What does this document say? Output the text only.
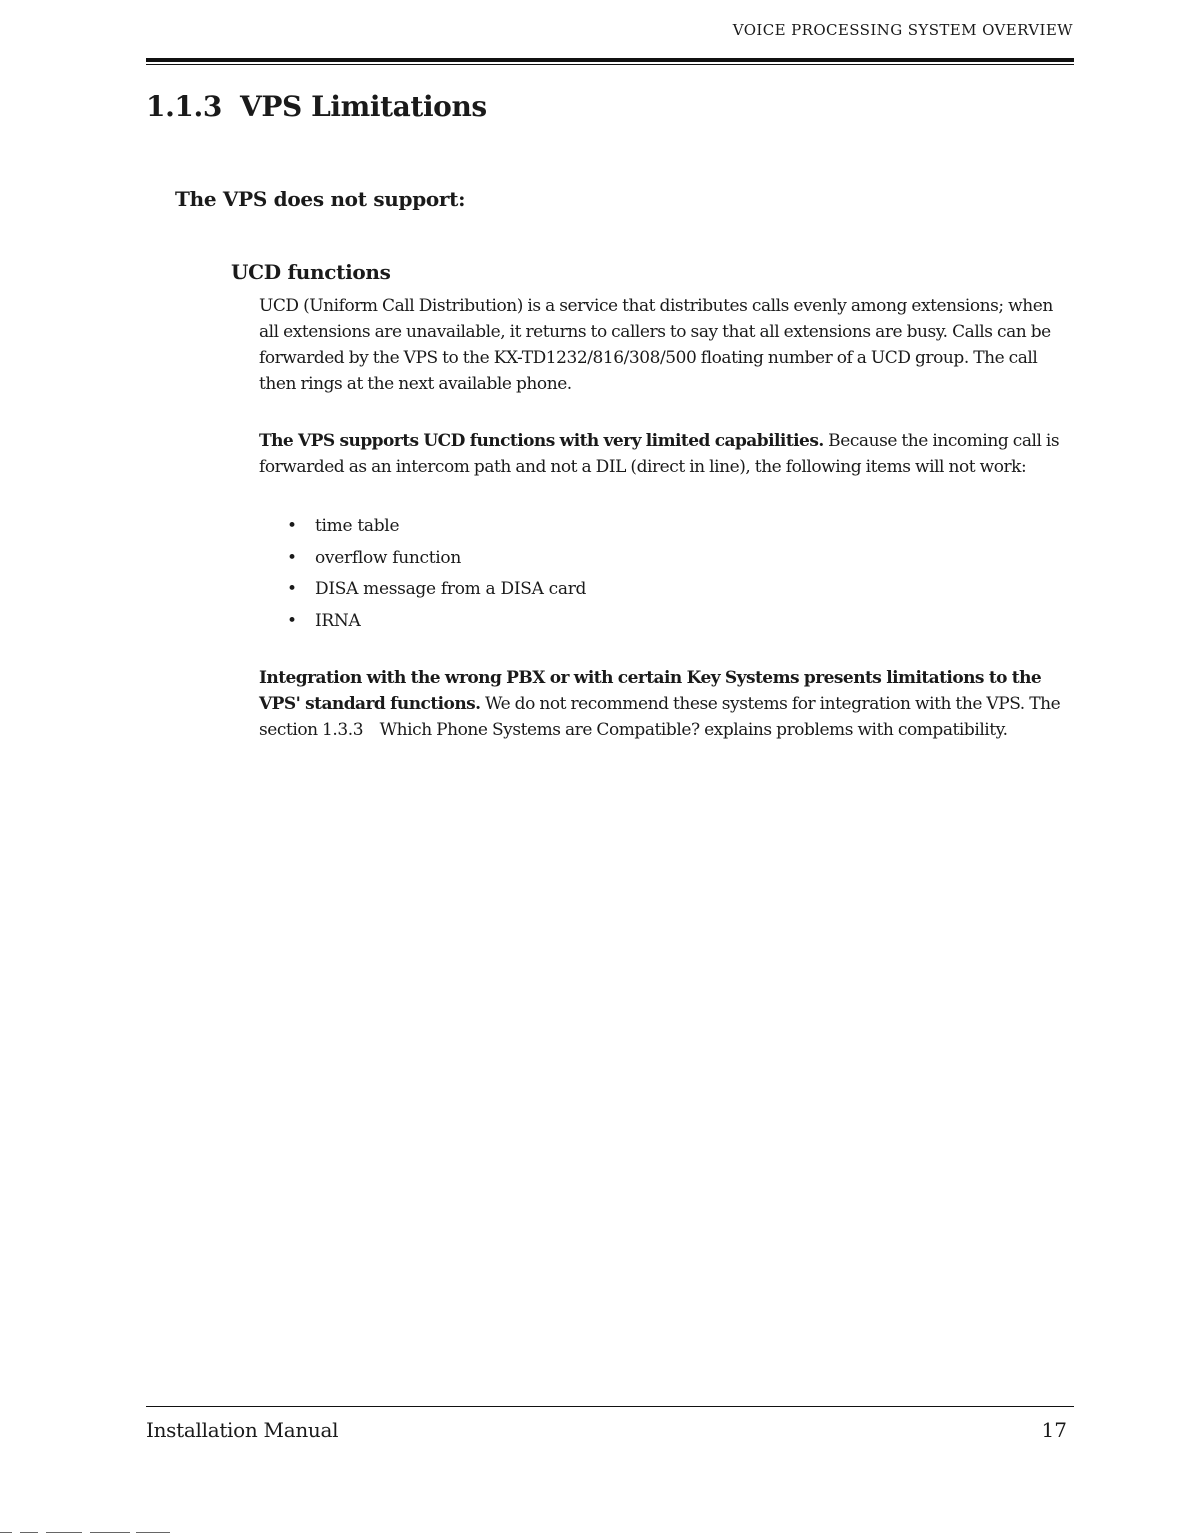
VOICE PROCESSING SYSTEM OVERVIEW
1.1.3 VPS Limitations
The VPS does not support:
UCD functions

UCD (Uniform Call Distribution) is a service that distributes calls evenly among extensions; when all extensions are unavailable, it returns to callers to say that all extensions are busy. Calls can be forwarded by the VPS to the KX-TD1232/816/308/500 floating number of a UCD group. The call then rings at the next available phone.

The VPS supports UCD functions with very limited capabilities. Because the incoming call is forwarded as an intercom path and not a DIL (direct in line), the following items will not work:

• time table
• overflow function
• DISA message from a DISA card
• IRNA

Integration with the wrong PBX or with certain Key Systems presents limitations to the VPS' standard functions. We do not recommend these systems for integration with the VPS. The section 1.3.3 Which Phone Systems are Compatible? explains problems with compatibility.

Installation Manual	17
